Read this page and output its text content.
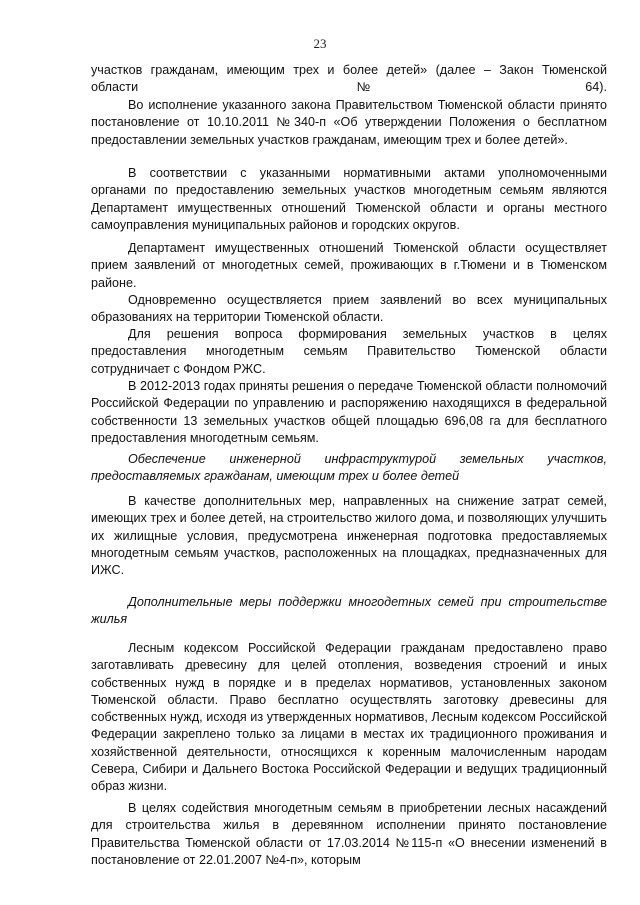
23

участков гражданам, имеющим трех и более детей» (далее – Закон Тюменской области №64).

Во исполнение указанного закона Правительством Тюменской области принято постановление от 10.10.2011 №340-п «Об утверждении Положения о бесплатном предоставлении земельных участков гражданам, имеющим трех и более детей».

В соответствии с указанными нормативными актами уполномоченными органами по предоставлению земельных участков многодетным семьям являются Департамент имущественных отношений Тюменской области и органы местного самоуправления муниципальных районов и городских округов.

Департамент имущественных отношений Тюменской области осуществляет прием заявлений от многодетных семей, проживающих в г.Тюмени и в Тюменском районе.

Одновременно осуществляется прием заявлений во всех муниципальных образованиях на территории Тюменской области.

Для решения вопроса формирования земельных участков в целях предоставления многодетным семьям Правительство Тюменской области сотрудничает с Фондом РЖС.

В 2012-2013 годах приняты решения о передаче Тюменской области полномочий Российской Федерации по управлению и распоряжению находящихся в федеральной собственности 13 земельных участков общей площадью 696,08 га для бесплатного предоставления многодетным семьям.

Обеспечение инженерной инфраструктурой земельных участков, предоставляемых гражданам, имеющим трех и более детей

В качестве дополнительных мер, направленных на снижение затрат семей, имеющих трех и более детей, на строительство жилого дома, и позволяющих улучшить их жилищные условия, предусмотрена инженерная подготовка предоставляемых многодетным семьям участков, расположенных на площадках, предназначенных для ИЖС.

Дополнительные меры поддержки многодетных семей при строительстве жилья

Лесным кодексом Российской Федерации гражданам предоставлено право заготавливать древесину для целей отопления, возведения строений и иных собственных нужд в порядке и в пределах нормативов, установленных законом Тюменской области. Право бесплатно осуществлять заготовку древесины для собственных нужд, исходя из утвержденных нормативов, Лесным кодексом Российской Федерации закреплено только за лицами в местах их традиционного проживания и хозяйственной деятельности, относящихся к коренным малочисленным народам Севера, Сибири и Дальнего Востока Российской Федерации и ведущих традиционный образ жизни.

В целях содействия многодетным семьям в приобретении лесных насаждений для строительства жилья в деревянном исполнении принято постановление Правительства Тюменской области от 17.03.2014 №115-п «О внесении изменений в постановление от 22.01.2007 №4-п», которым
